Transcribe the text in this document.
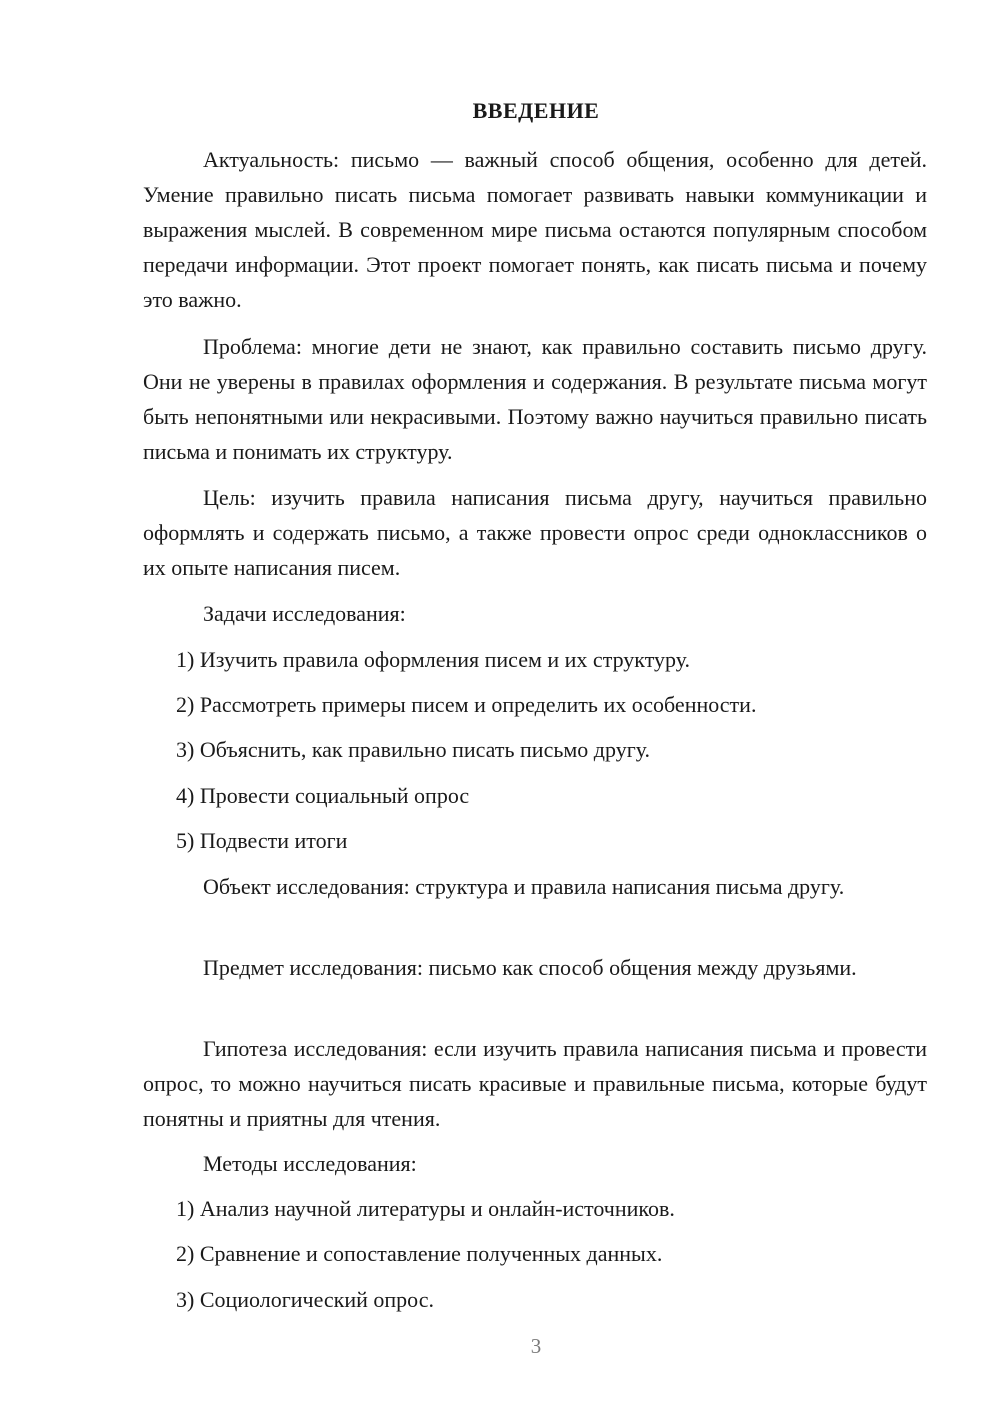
ВВЕДЕНИЕ

Актуальность: письмо — важный способ общения, особенно для детей. Умение правильно писать письма помогает развивать навыки коммуникации и выражения мыслей. В современном мире письма остаются популярным способом передачи информации. Этот проект помогает понять, как писать письма и почему это важно.

Проблема: многие дети не знают, как правильно составить письмо другу. Они не уверены в правилах оформления и содержания. В результате письма могут быть непонятными или некрасивыми. Поэтому важно научиться правильно писать письма и понимать их структуру.

Цель: изучить правила написания письма другу, научиться правильно оформлять и содержать письмо, а также провести опрос среди одноклассников о их опыте написания писем.

Задачи исследования:

1) Изучить правила оформления писем и их структуру.

2) Рассмотреть примеры писем и определить их особенности.

3) Объяснить, как правильно писать письмо другу.

4) Провести социальный опрос

5) Подвести итоги

Объект исследования: структура и правила написания письма другу.

Предмет исследования: письмо как способ общения между друзьями.

Гипотеза исследования: если изучить правила написания письма и провести опрос, то можно научиться писать красивые и правильные письма, которые будут понятны и приятны для чтения.

Методы исследования:

1) Анализ научной литературы и онлайн-источников.

2) Сравнение и сопоставление полученных данных.

3) Социологический опрос.

3
